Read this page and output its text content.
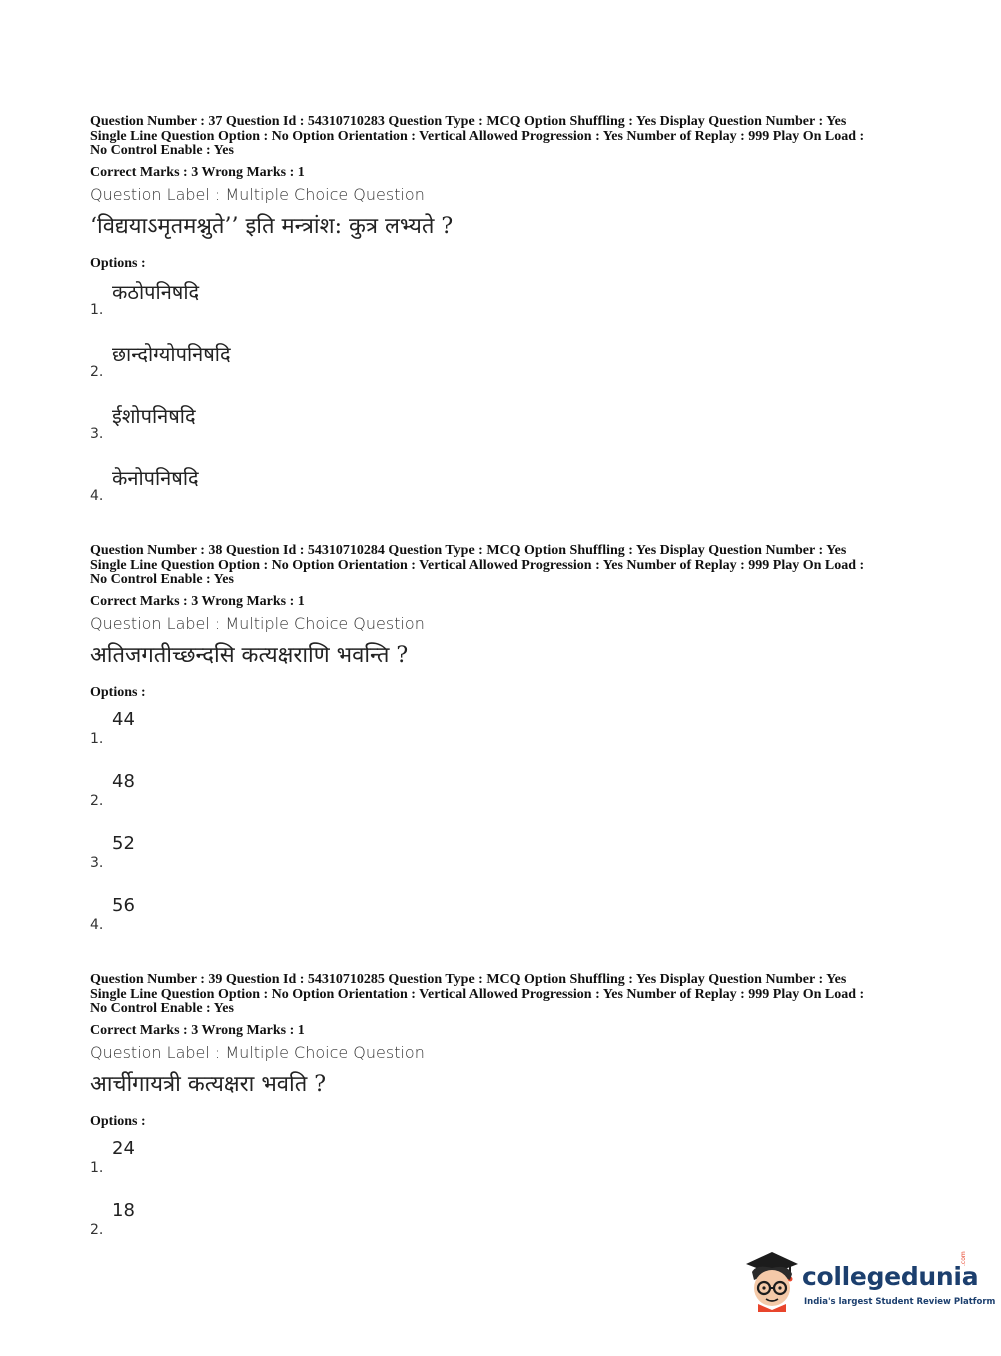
Question Number : 37 Question Id : 54310710283 Question Type : MCQ Option Shuffling : Yes Display Question Number : Yes
Single Line Question Option : No Option Orientation : Vertical Allowed Progression : Yes Number of Replay : 999 Play On Load :
No Control Enable : Yes
Correct Marks : 3 Wrong Marks : 1
Question Label : Multiple Choice Question
‘विद्ययाऽमृतमश्नुते’’ इति मन्त्रांश: कुत्र लभ्यते ?
Options :
1.
कठोपनिषदि
2.
छान्दोग्योपनिषदि
3.
ईशोपनिषदि
4.
केनोपनिषदि
Question Number : 38 Question Id : 54310710284 Question Type : MCQ Option Shuffling : Yes Display Question Number : Yes
Single Line Question Option : No Option Orientation : Vertical Allowed Progression : Yes Number of Replay : 999 Play On Load :
No Control Enable : Yes
Correct Marks : 3 Wrong Marks : 1
Question Label : Multiple Choice Question
अतिजगतीच्छन्दसि कत्यक्षराणि भवन्ति ?
Options :
1.
44
2.
48
3.
52
4.
56
Question Number : 39 Question Id : 54310710285 Question Type : MCQ Option Shuffling : Yes Display Question Number : Yes
Single Line Question Option : No Option Orientation : Vertical Allowed Progression : Yes Number of Replay : 999 Play On Load :
No Control Enable : Yes
Correct Marks : 3 Wrong Marks : 1
Question Label : Multiple Choice Question
आर्चीगायत्री कत्यक्षरा भवति ?
Options :
1.
24
2.
18
collegedunia
.com
India's largest Student Review Platform
